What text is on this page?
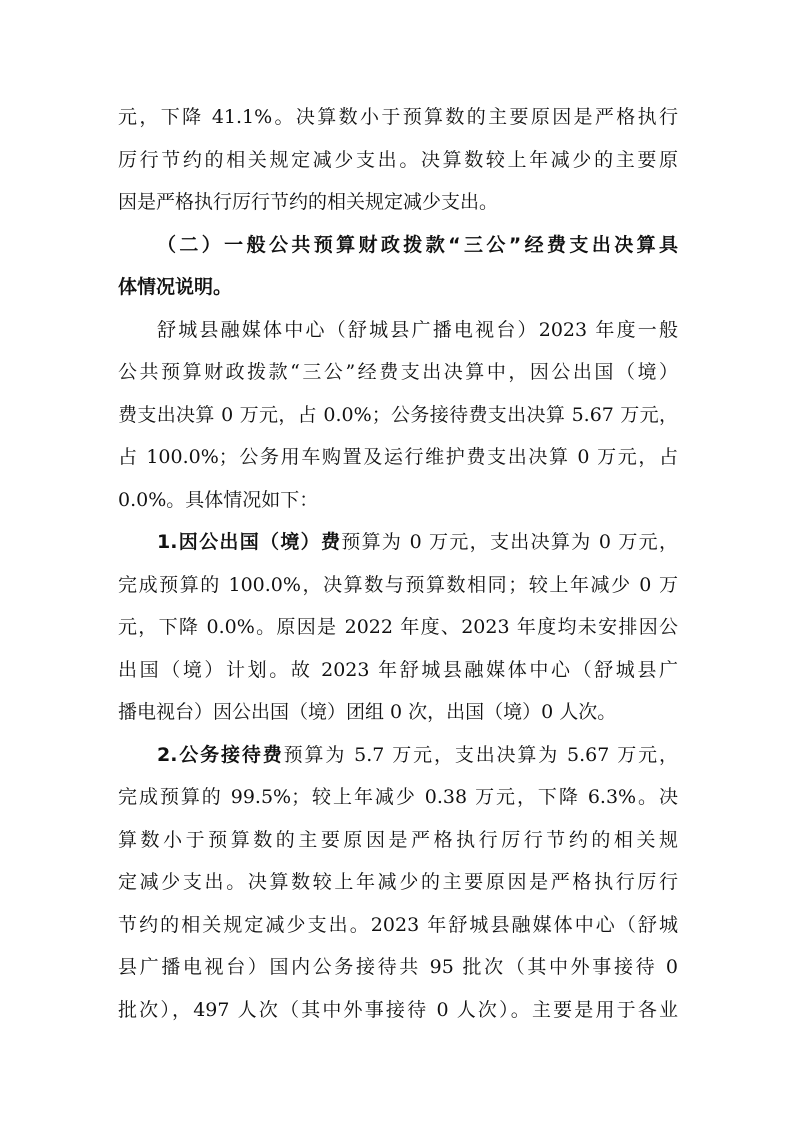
元，下降 41.1%。决算数小于预算数的主要原因是严格执行
厉行节约的相关规定减少支出。决算数较上年减少的主要原
因是严格执行厉行节约的相关规定减少支出。
（二）一般公共预算财政拨款“三公”经费支出决算具
体情况说明。
舒城县融媒体中心（舒城县广播电视台）2023 年度一般
公共预算财政拨款“三公”经费支出决算中，因公出国（境）
费支出决算 0 万元，占 0.0%；公务接待费支出决算 5.67 万元，
占 100.0%；公务用车购置及运行维护费支出决算 0 万元，占
0.0%。具体情况如下：
1.因公出国（境）费预算为 0 万元，支出决算为 0 万元，
完成预算的 100.0%，决算数与预算数相同；较上年减少 0 万
元，下降 0.0%。原因是 2022 年度、2023 年度均未安排因公
出国（境）计划。故 2023 年舒城县融媒体中心（舒城县广
播电视台）因公出国（境）团组 0 次，出国（境）0 人次。
2.公务接待费预算为 5.7 万元，支出决算为 5.67 万元，
完成预算的 99.5%；较上年减少 0.38 万元，下降 6.3%。决
算数小于预算数的主要原因是严格执行厉行节约的相关规
定减少支出。决算数较上年减少的主要原因是严格执行厉行
节约的相关规定减少支出。2023 年舒城县融媒体中心（舒城
县广播电视台）国内公务接待共 95 批次（其中外事接待 0
批次），497 人次（其中外事接待 0 人次）。主要是用于各业
